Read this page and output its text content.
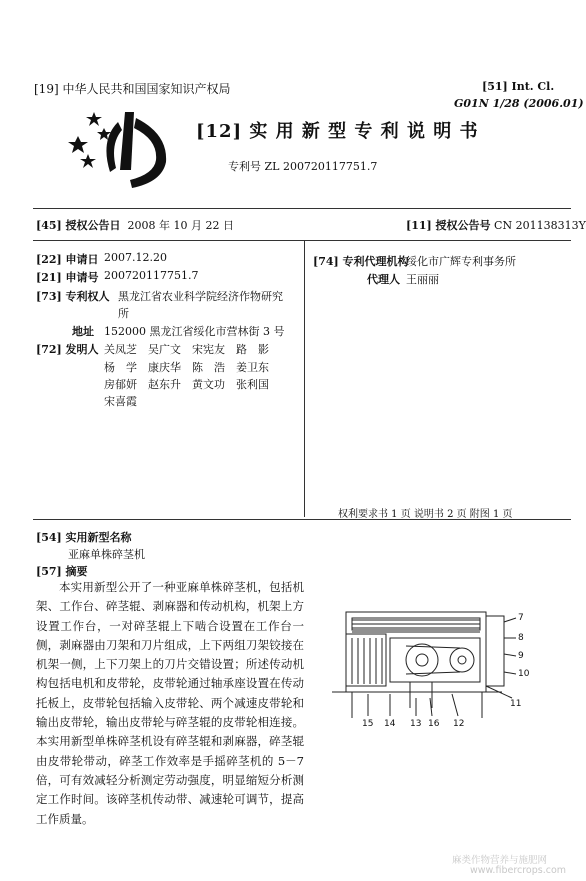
[19] 中华人民共和国国家知识产权局	[51] Int. Cl.
G01N 1/28 (2006.01)
[12] 实 用 新 型 专 利 说 明 书
专利号 ZL 200720117751.7
[45] 授权公告日 2008 年 10 月 22 日	[11] 授权公告号 CN 201138313Y
[22] 申请日 2007.12.20
[21] 申请号 200720117751.7
[73] 专利权人 黑龙江省农业科学院经济作物研究
所
地址 152000 黑龙江省绥化市营林街 3 号
[72] 发明人 关凤芝　吴广文　宋宪友　路　影
杨　学　康庆华　陈　浩　姜卫东
房郁妍　赵东升　黄文功　张利国
宋喜霞
[74] 专利代理机构
绥化市广辉专利事务所
代理人 王丽丽
权利要求书 1 页 说明书 2 页 附图 1 页
[54] 实用新型名称
亚麻单株碎茎机
[57] 摘要

本实用新型公开了一种亚麻单株碎茎机，包括机架、工作台、碎茎辊、剥麻器和传动机构，机架上方设置工作台，一对碎茎辊上下啮合设置在工作台一侧，剥麻器由刀架和刀片组成，上下两组刀架铰接在机架一侧，上下刀架上的刀片交错设置；所述传动机构包括电机和皮带轮，皮带轮通过轴承座设置在传动托板上，皮带轮包括输入皮带轮、两个减速皮带轮和输出皮带轮，输出皮带轮与碎茎辊的皮带轮相连接。本实用新型单株碎茎机设有碎茎辊和剥麻器，碎茎辊由皮带轮带动，碎茎工作效率是手摇碎茎机的 5－7 倍，可有效减轻分析测定劳动强度，明显缩短分析测定工作时间。该碎茎机传动带、减速轮可调节，提高工作质量。

7
8
9
10
11
12
13
14
15	16
麻类作物营养与施肥网
www.fibercrops.com
